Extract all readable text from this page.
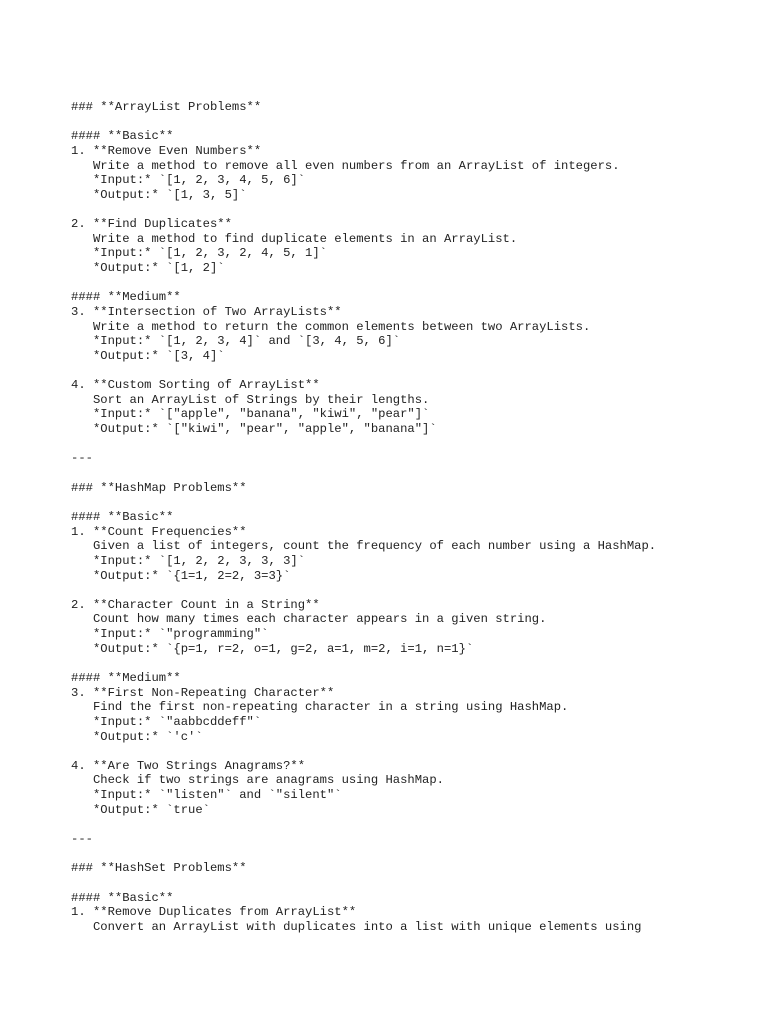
### **ArrayList Problems**
#### **Basic**
1. **Remove Even Numbers**
Write a method to remove all even numbers from an ArrayList of integers.
*Input:* `[1, 2, 3, 4, 5, 6]`
*Output:* `[1, 3, 5]`
2. **Find Duplicates**
Write a method to find duplicate elements in an ArrayList.
*Input:* `[1, 2, 3, 2, 4, 5, 1]`
*Output:* `[1, 2]`
#### **Medium**
3. **Intersection of Two ArrayLists**
Write a method to return the common elements between two ArrayLists.
*Input:* `[1, 2, 3, 4]` and `[3, 4, 5, 6]`
*Output:* `[3, 4]`
4. **Custom Sorting of ArrayList**
Sort an ArrayList of Strings by their lengths.
*Input:* `["apple", "banana", "kiwi", "pear"]`
*Output:* `["kiwi", "pear", "apple", "banana"]`
---
### **HashMap Problems**
#### **Basic**
1. **Count Frequencies**
Given a list of integers, count the frequency of each number using a HashMap.
*Input:* `[1, 2, 2, 3, 3, 3]`
*Output:* `{1=1, 2=2, 3=3}`
2. **Character Count in a String**
Count how many times each character appears in a given string.
*Input:* `"programming"`
*Output:* `{p=1, r=2, o=1, g=2, a=1, m=2, i=1, n=1}`
#### **Medium**
3. **First Non-Repeating Character**
Find the first non-repeating character in a string using HashMap.
*Input:* `"aabbcddeff"`
*Output:* `'c'`
4. **Are Two Strings Anagrams?**
Check if two strings are anagrams using HashMap.
*Input:* `"listen"` and `"silent"`
*Output:* `true`
---
### **HashSet Problems**
#### **Basic**
1. **Remove Duplicates from ArrayList**
Convert an ArrayList with duplicates into a list with unique elements using
